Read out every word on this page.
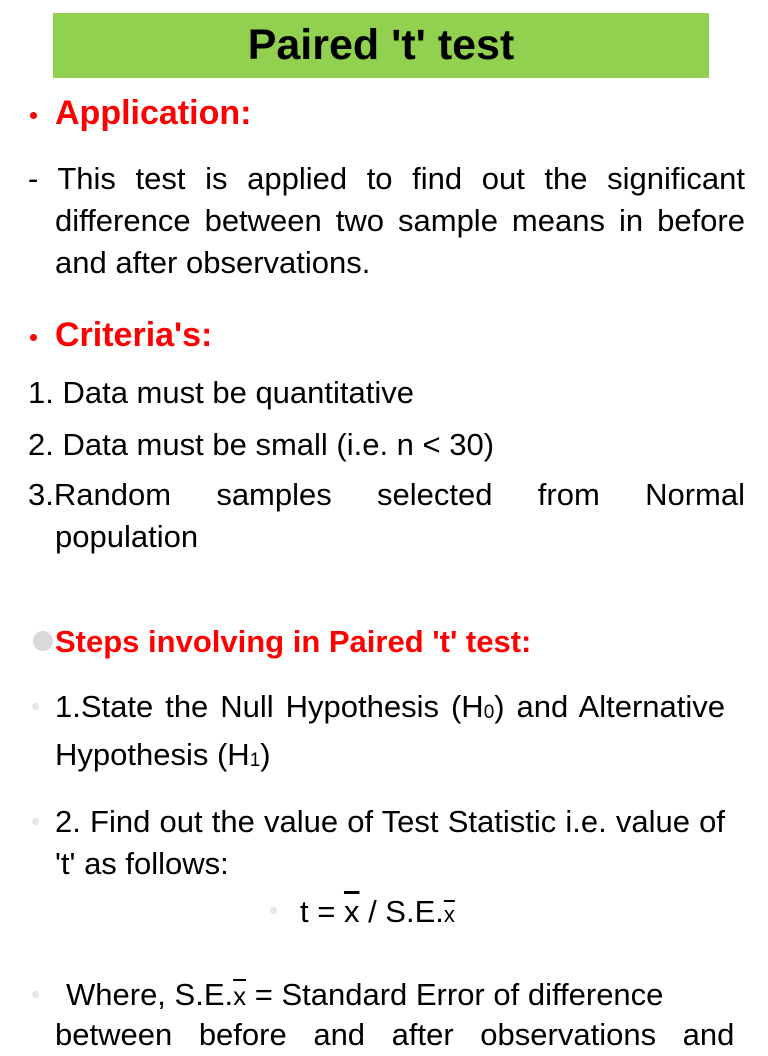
Paired 't' test
Application:
- This test is applied to find out the significant difference between two sample means in before and after observations.
Criteria's:
1. Data must be quantitative
2. Data must be small (i.e. n < 30)
3.Random samples selected from Normal population
Steps involving in Paired 't' test:
1.State the Null Hypothesis $(H_0)$ and Alternative Hypothesis $(H_1)$
2. Find out the value of Test Statistic i.e. value of 't' as follows:
$t = \overline{x} / S.E.\overline{x}$
Where, $S.E.\overline{x}$ = Standard Error of difference
between before and after observations and
